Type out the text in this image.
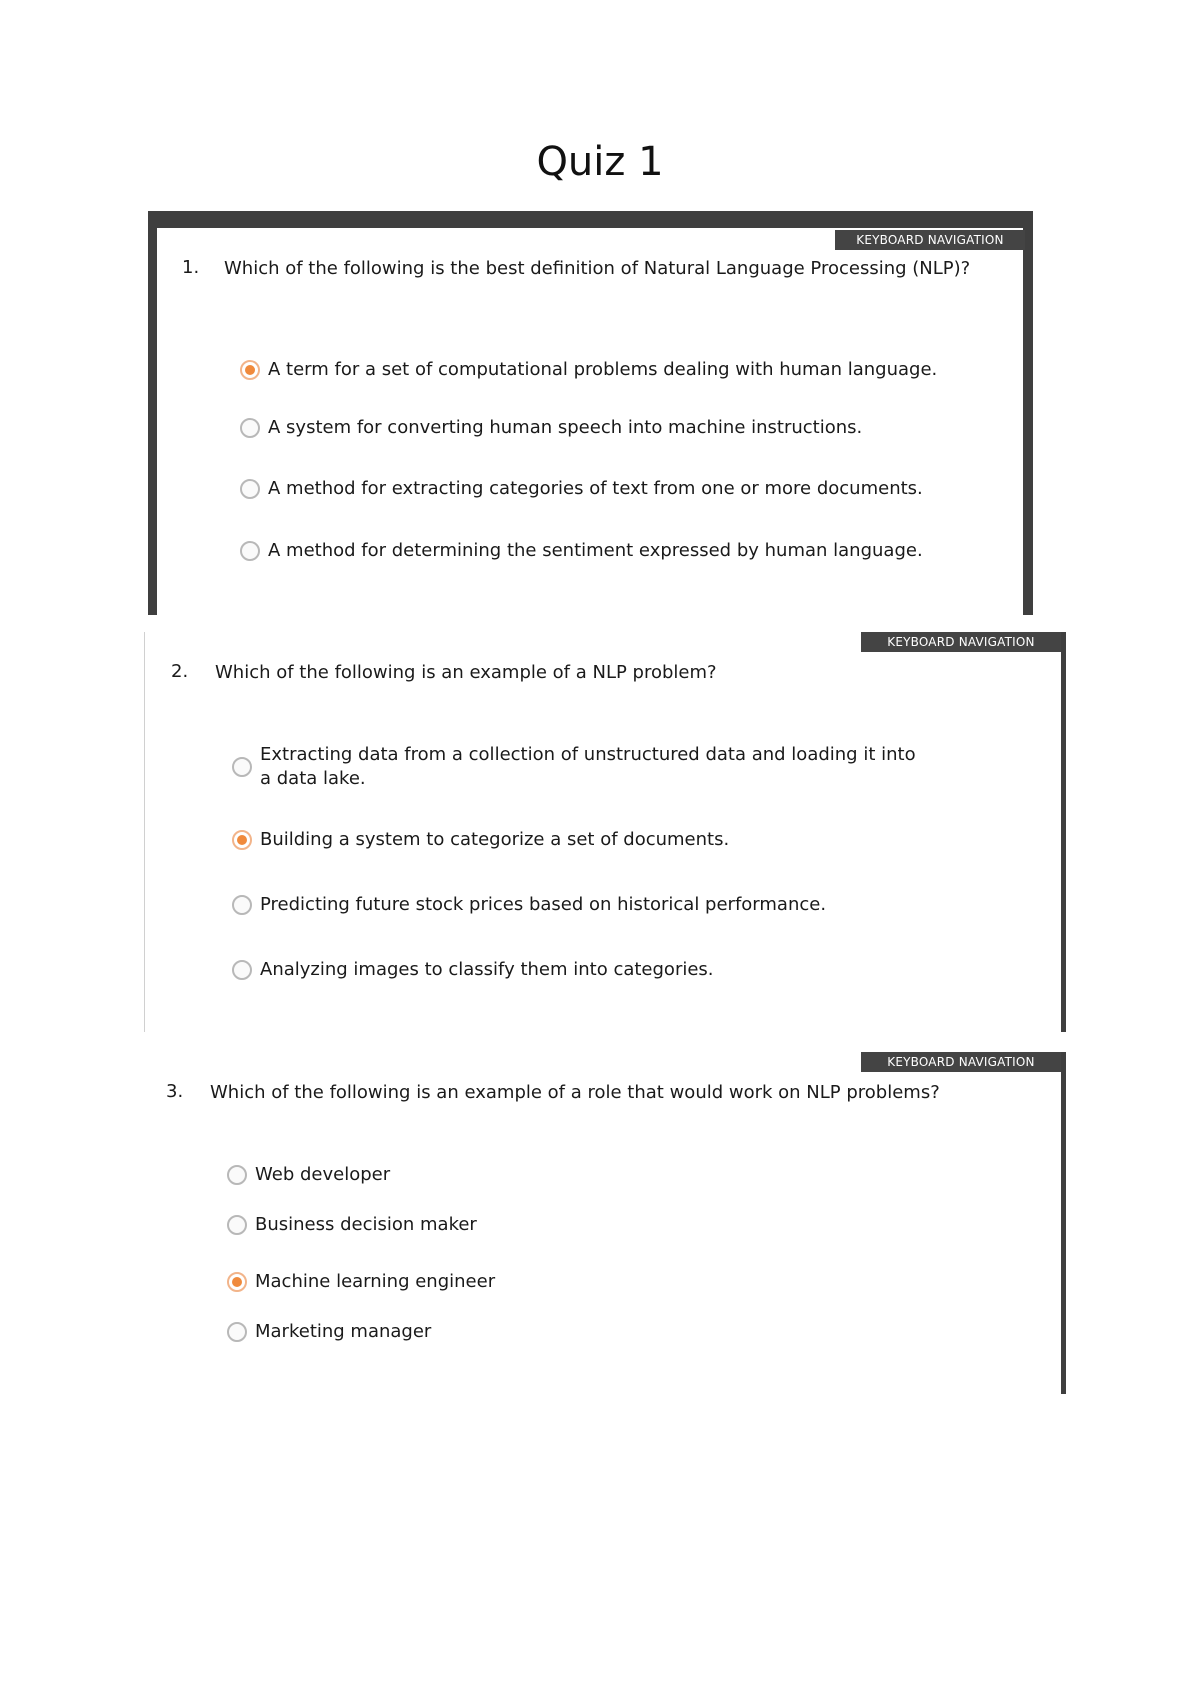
Quiz 1
KEYBOARD NAVIGATION
1. Which of the following is the best definition of Natural Language Processing (NLP)?
A term for a set of computational problems dealing with human language.
A system for converting human speech into machine instructions.
A method for extracting categories of text from one or more documents.
A method for determining the sentiment expressed by human language.
KEYBOARD NAVIGATION
2. Which of the following is an example of a NLP problem?
Extracting data from a collection of unstructured data and loading it into a data lake.
Building a system to categorize a set of documents.
Predicting future stock prices based on historical performance.
Analyzing images to classify them into categories.
KEYBOARD NAVIGATION
3. Which of the following is an example of a role that would work on NLP problems?
Web developer
Business decision maker
Machine learning engineer
Marketing manager
